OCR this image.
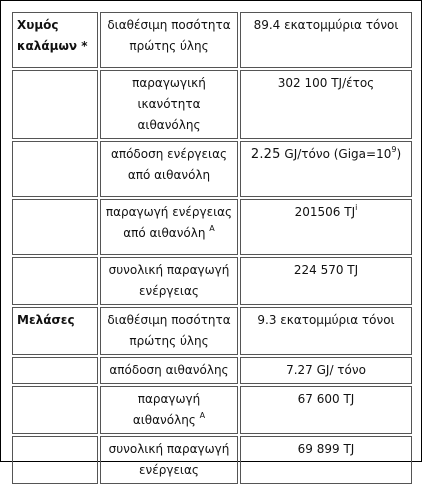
Χυμός καλάμων *	διαθέσιμη ποσότητα πρώτης ύλης	89.4 εκατομμύρια τόνοι
	παραγωγική ικανότητα αιθανόλης	302 100 TJ/έτος
	απόδοση ενέργειας από αιθανόλη	2.25 GJ/τόνο $(Giga=10^9)$
	παραγωγή ενέργειας από αιθανόλη $^A$	201506 $TJ^i$
	συνολική παραγωγή ενέργειας	224 570 TJ
Μελάσες	διαθέσιμη ποσότητα πρώτης ύλης	9.3 εκατομμύρια τόνοι
	απόδοση αιθανόλης	7.27 GJ/ τόνο
	παραγωγή αιθανόλης $^A$	67 600 TJ
	συνολική παραγωγή ενέργειας	69 899 TJ
